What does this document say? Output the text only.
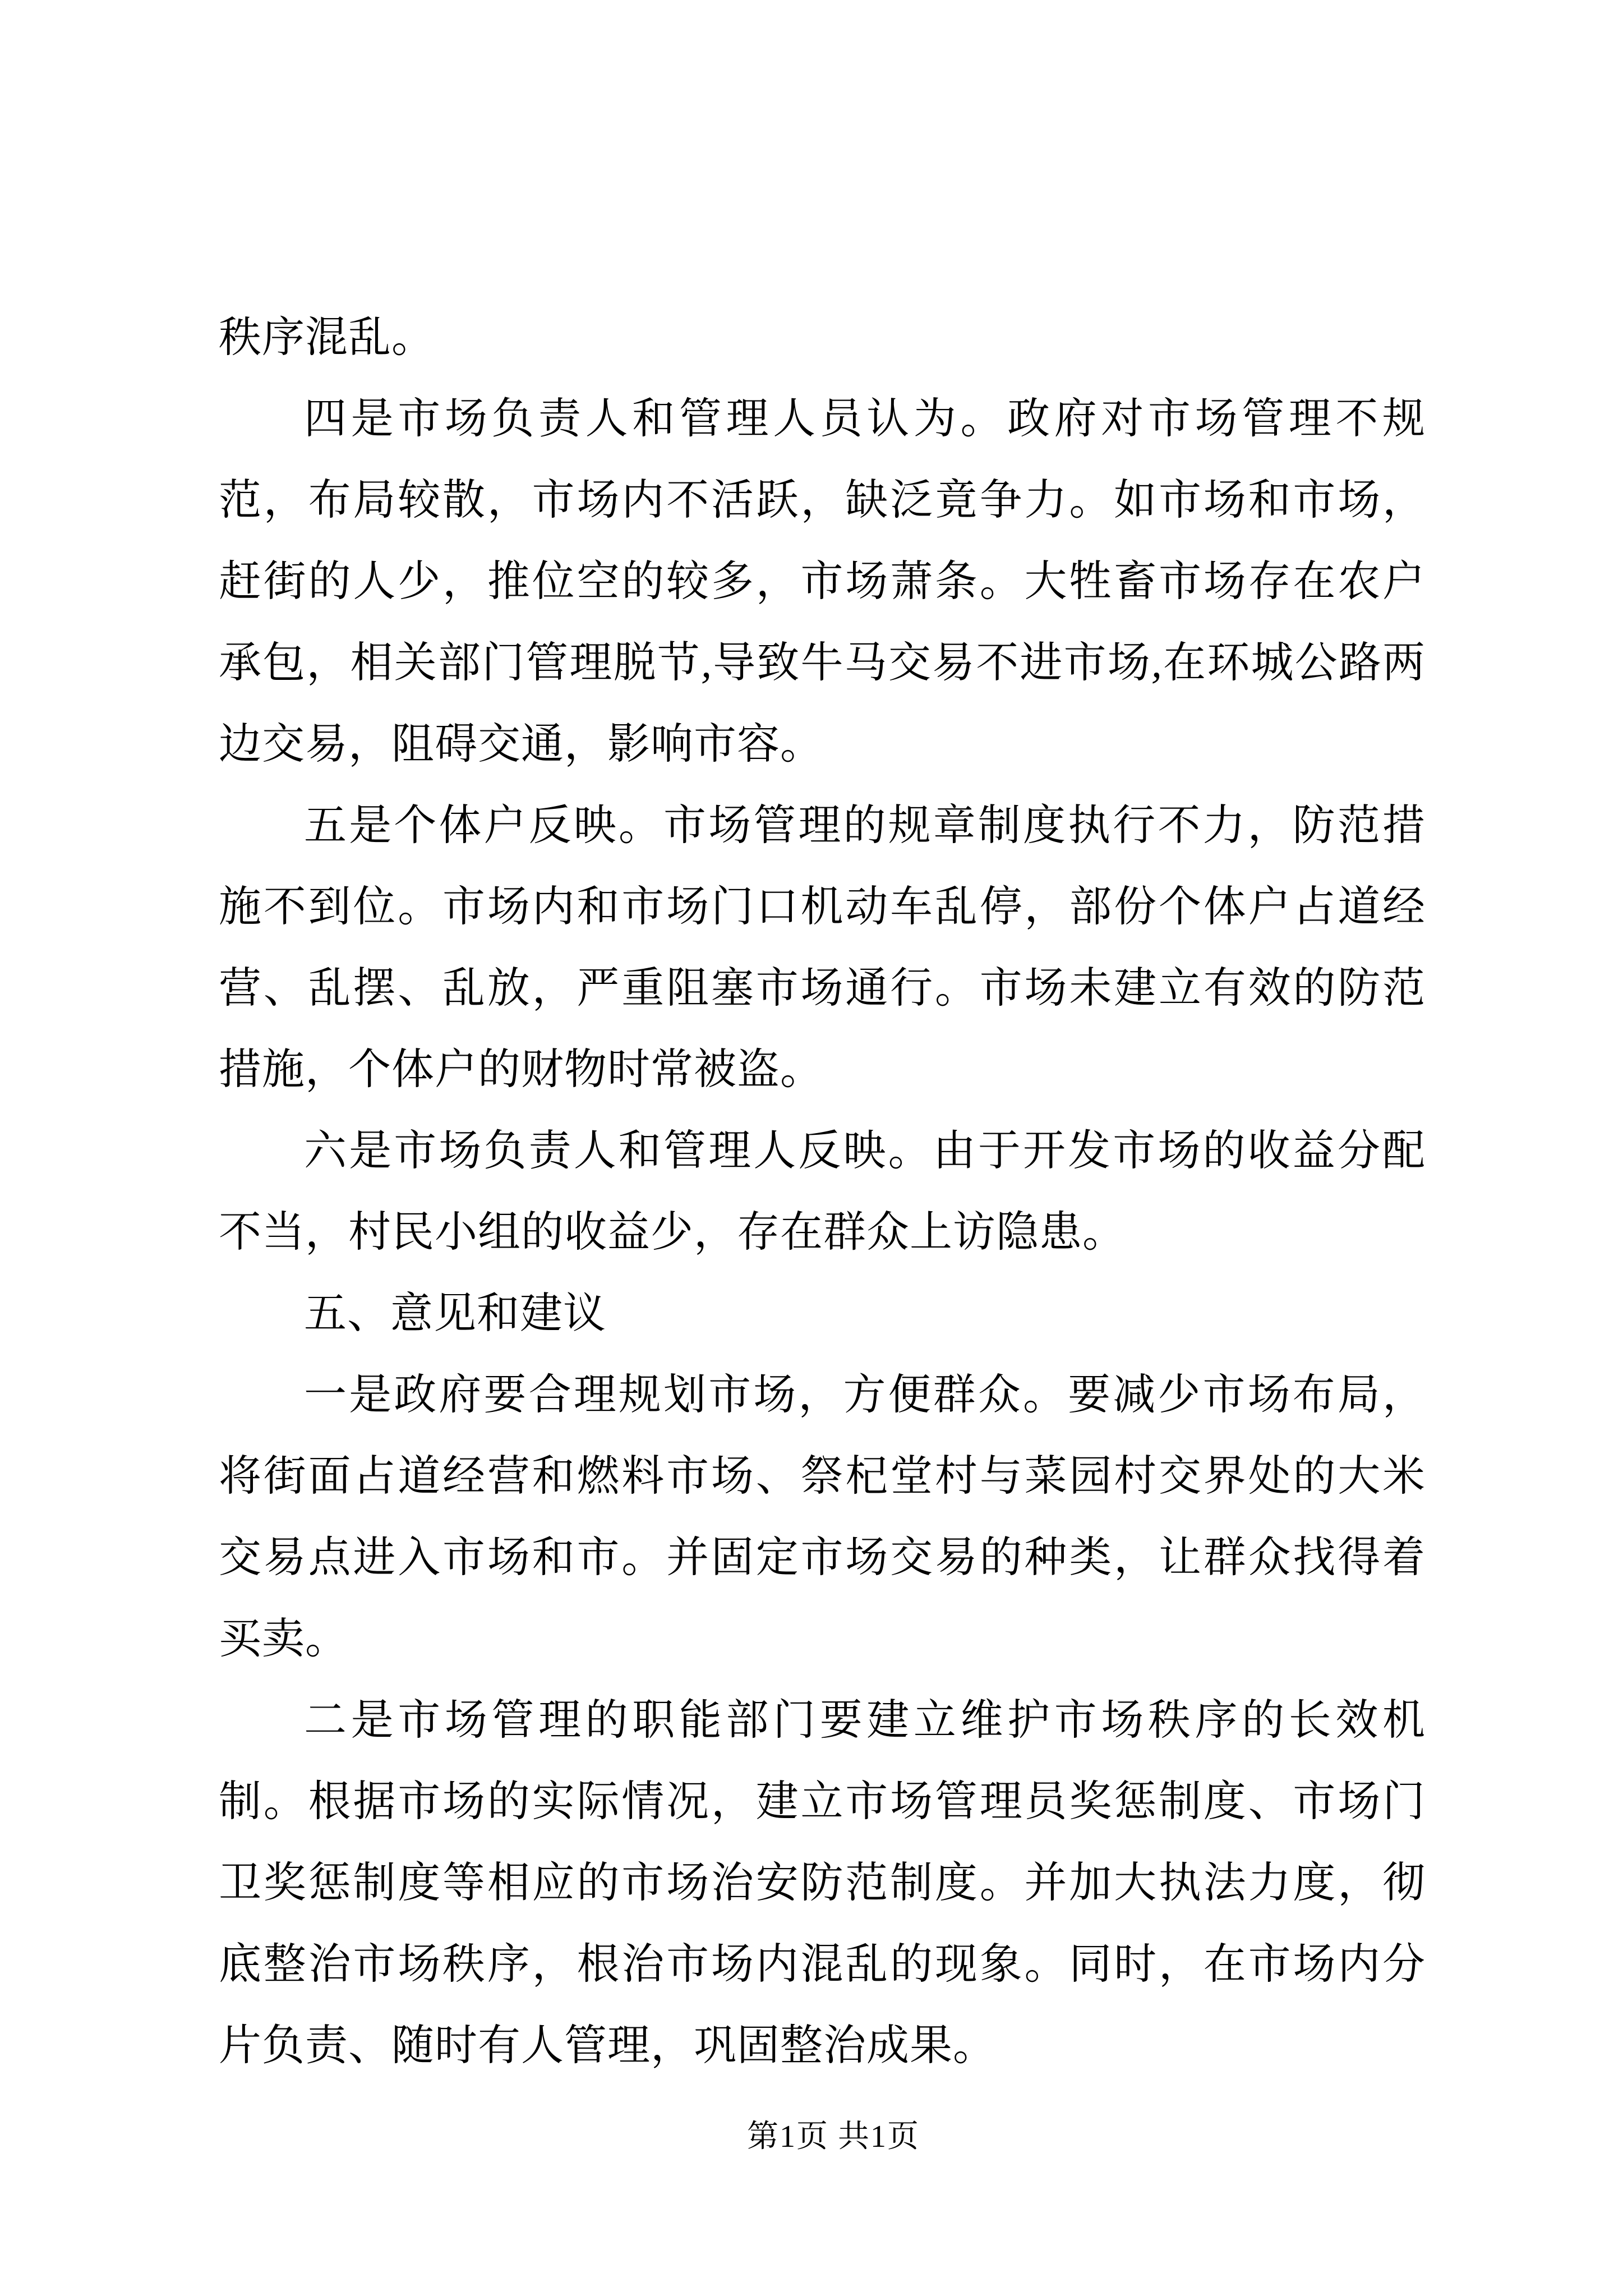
秩序混乱。

四是市场负责人和管理人员认为。政府对市场管理不规范，布局较散，市场内不活跃，缺泛竟争力。如市场和市场，赶街的人少，推位空的较多，市场萧条。大牲畜市场存在农户承包，相关部门管理脱节,导致牛马交易不进市场,在环城公路两边交易，阻碍交通，影响市容。

五是个体户反映。市场管理的规章制度执行不力，防范措施不到位。市场内和市场门口机动车乱停，部份个体户占道经营、乱摆、乱放，严重阻塞市场通行。市场未建立有效的防范措施，个体户的财物时常被盗。

六是市场负责人和管理人反映。由于开发市场的收益分配不当，村民小组的收益少，存在群众上访隐患。

五、意见和建议

一是政府要合理规划市场，方便群众。要减少市场布局，将街面占道经营和燃料市场、祭杞堂村与菜园村交界处的大米交易点进入市场和市。并固定市场交易的种类，让群众找得着买卖。

二是市场管理的职能部门要建立维护市场秩序的长效机制。根据市场的实际情况，建立市场管理员奖惩制度、市场门卫奖惩制度等相应的市场治安防范制度。并加大执法力度，彻底整治市场秩序，根治市场内混乱的现象。同时，在市场内分片负责、随时有人管理，巩固整治成果。

第1页 共1页
